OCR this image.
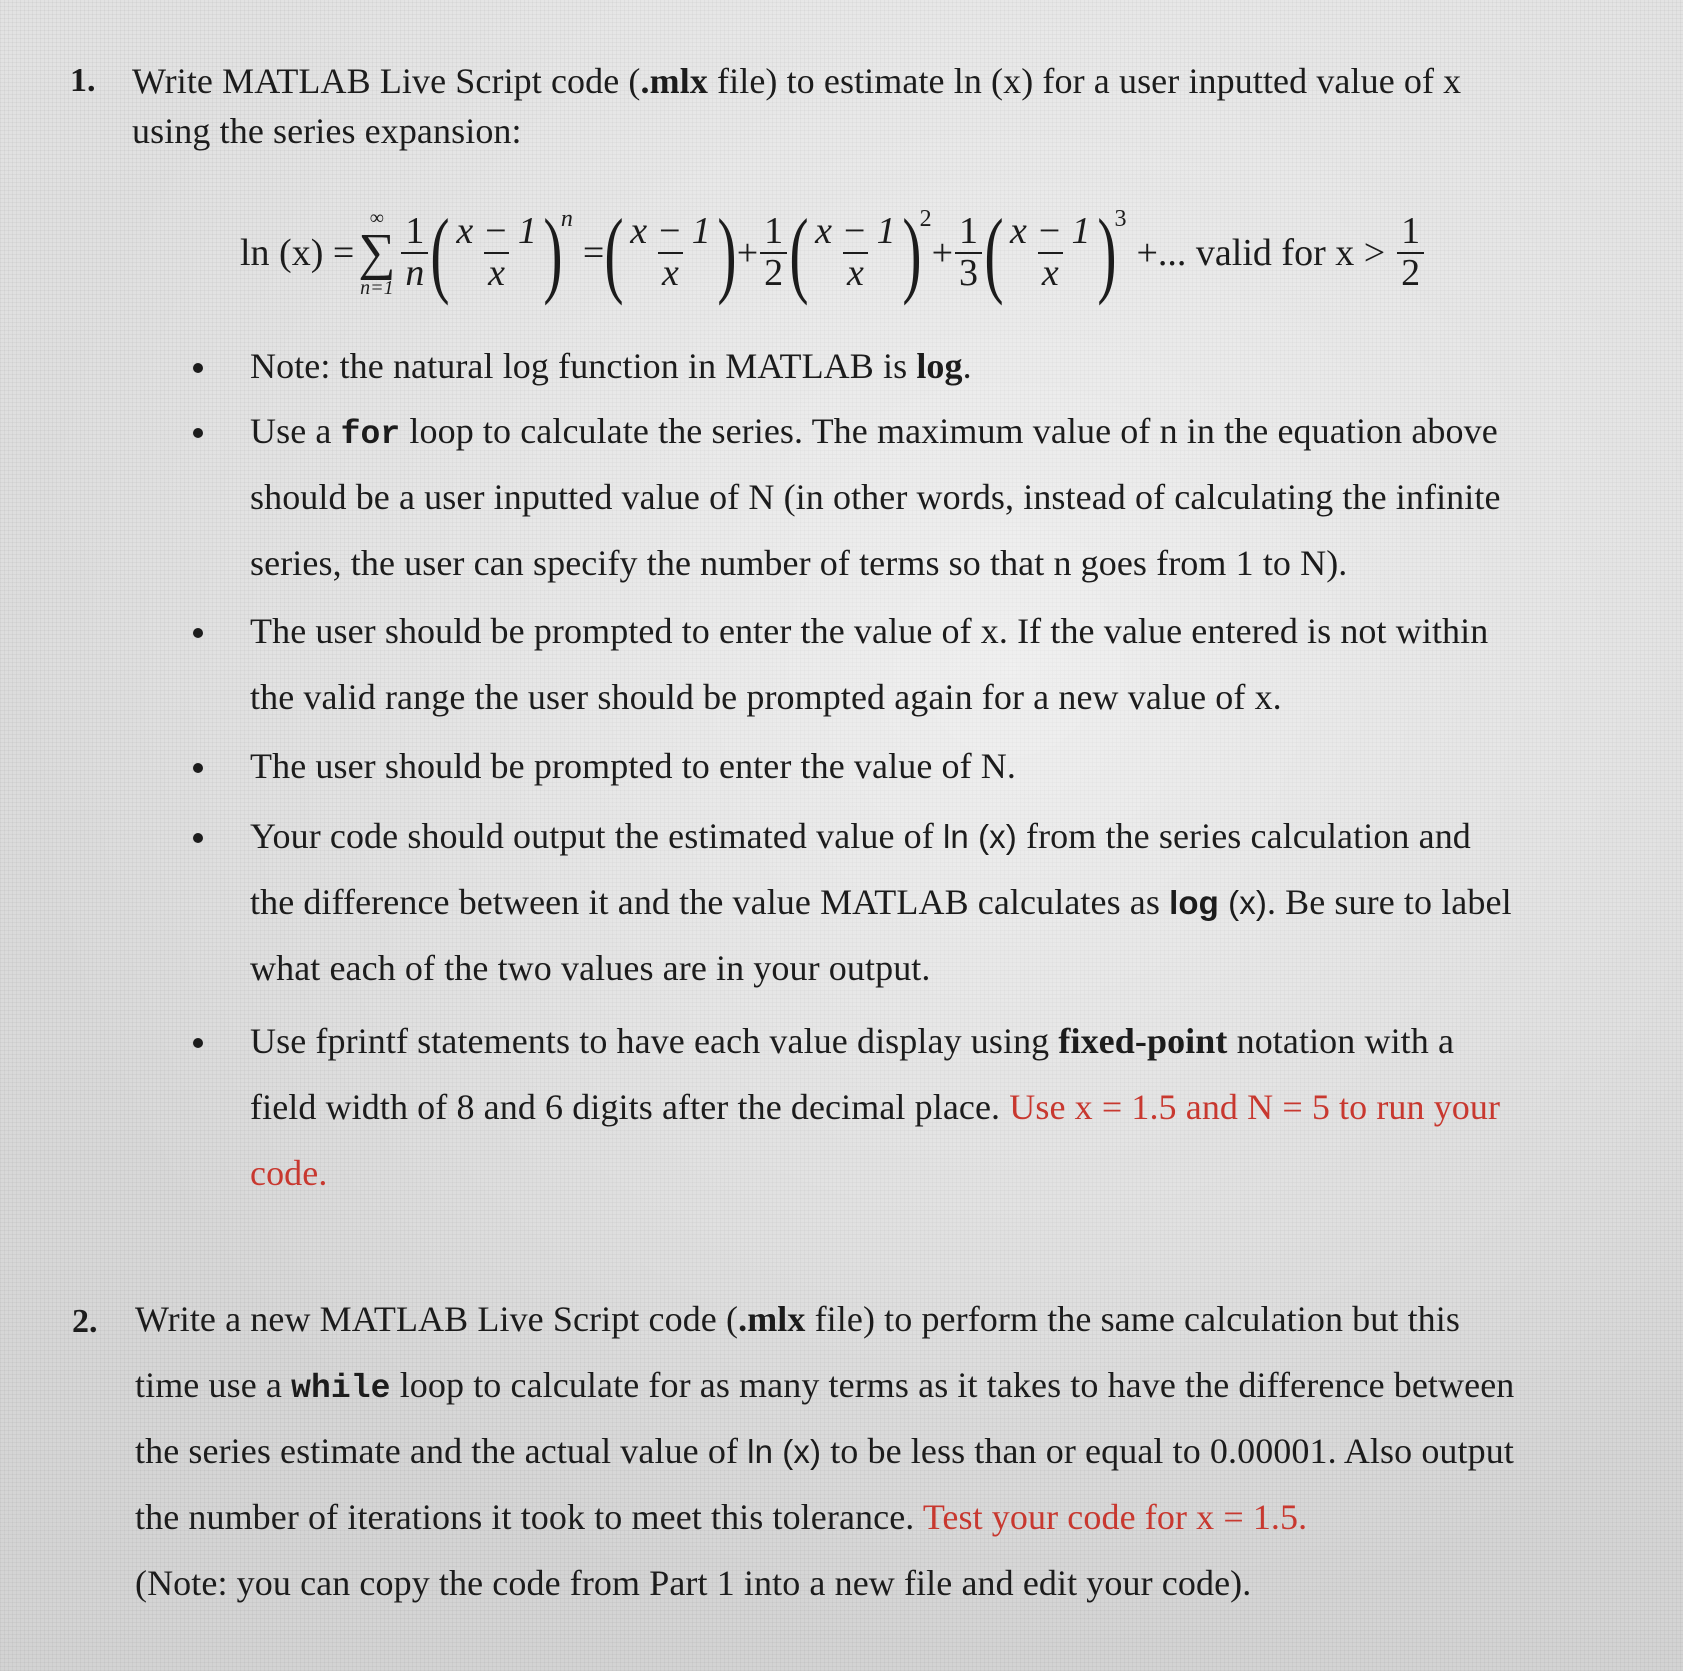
1. Write MATLAB Live Script code (.mlx file) to estimate ln (x) for a user inputted value of x
using the series expansion:
ln (x) =
∞
∑
$n=1 \frac{1}{n}$ ( $\frac{x - 1}{x}$ )
n
= ( $\frac{x - 1}{x}$ ) + $\frac{1}{2}$ ( $\frac{x - 1}{x}$ )
2
+ $\frac{1}{3}$ ( $\frac{x - 1}{x}$ )
3
+... valid for $x > \frac{1}{2}$
Note: the natural log function in MATLAB is log.
Use a for loop to calculate the series. The maximum value of n in the equation above
should be a user inputted value of N (in other words, instead of calculating the infinite
series, the user can specify the number of terms so that n goes from 1 to N).
The user should be prompted to enter the value of x. If the value entered is not within
the valid range the user should be prompted again for a new value of x.
The user should be prompted to enter the value of N.
Your code should output the estimated value of ln (x) from the series calculation and
the difference between it and the value MATLAB calculates as log (x). Be sure to label
what each of the two values are in your output.
Use fprintf statements to have each value display using fixed-point notation with a
field width of 8 and 6 digits after the decimal place. Use x = 1.5 and N = 5 to run your
code.
2. Write a new MATLAB Live Script code (.mlx file) to perform the same calculation but this
time use a while loop to calculate for as many terms as it takes to have the difference between
the series estimate and the actual value of ln (x) to be less than or equal to 0.00001. Also output
the number of iterations it took to meet this tolerance. Test your code for x = 1.5.
(Note: you can copy the code from Part 1 into a new file and edit your code).
